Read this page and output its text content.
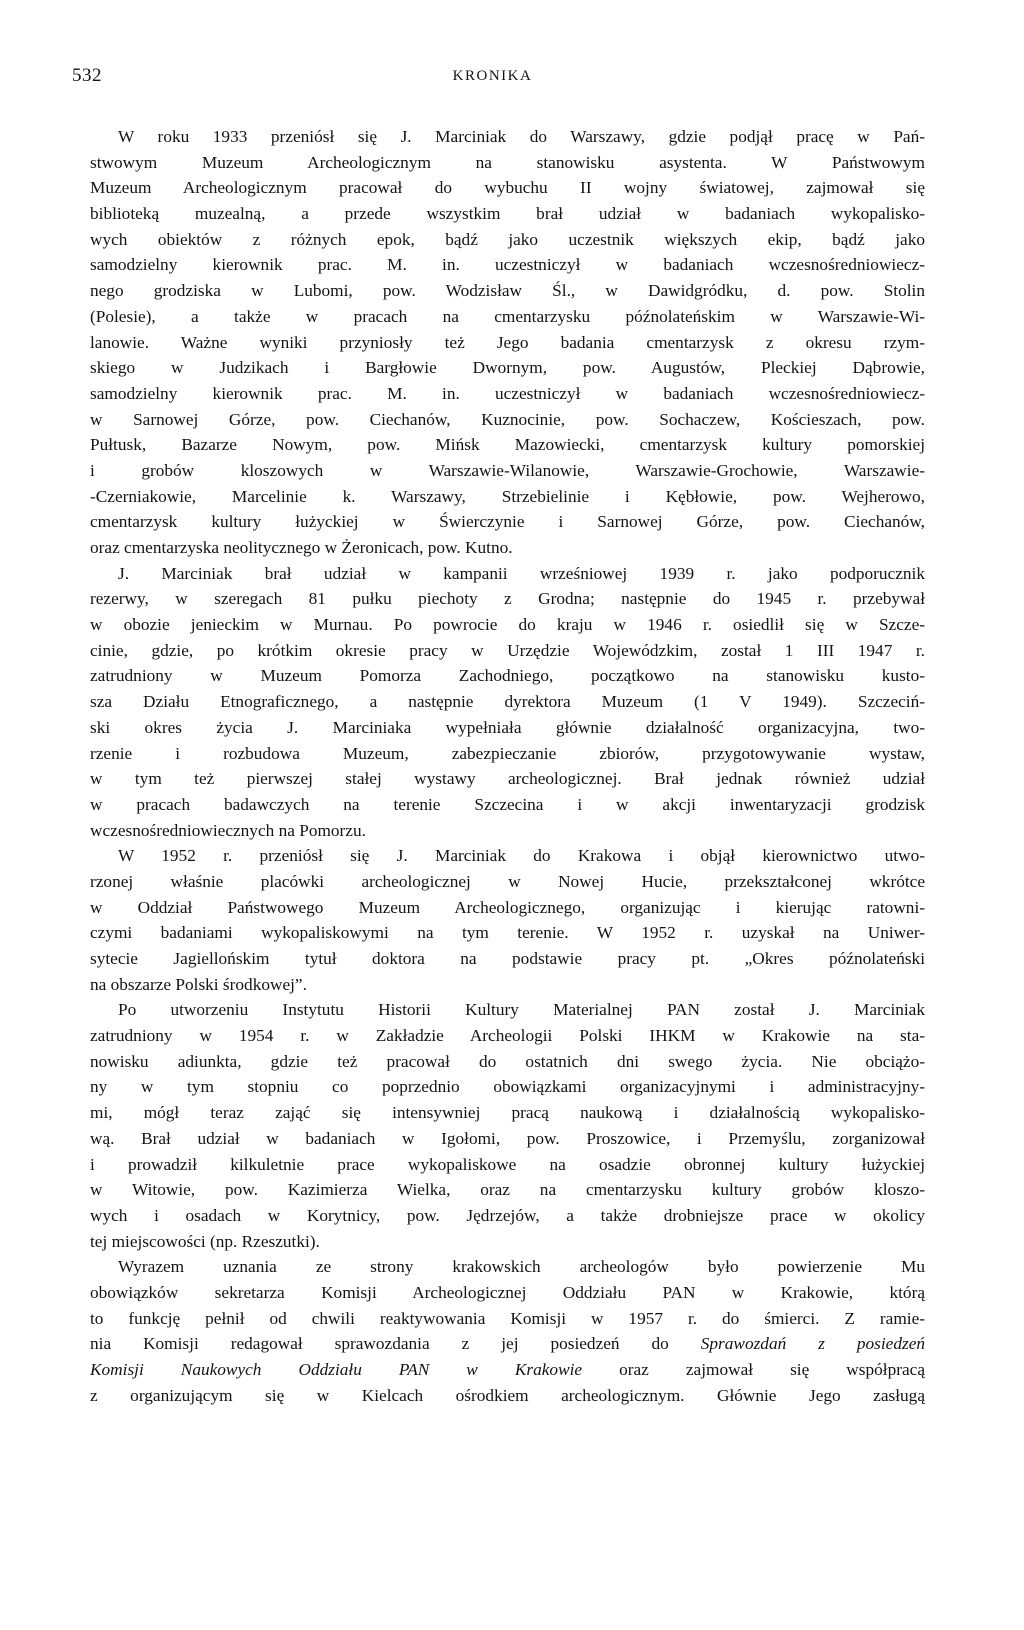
532	KRONIKA
W roku 1933 przeniósł się J. Marciniak do Warszawy, gdzie podjął pracę w Pań-
stwowym Muzeum Archeologicznym na stanowisku asystenta. W Państwowym
Muzeum Archeologicznym pracował do wybuchu II wojny światowej, zajmował się
biblioteką muzealną, a przede wszystkim brał udział w badaniach wykopalisko-
wych obiektów z różnych epok, bądź jako uczestnik większych ekip, bądź jako
samodzielny kierownik prac. M. in. uczestniczył w badaniach wczesnośredniowiecz-
nego grodziska w Lubomi, pow. Wodzisław Śl., w Dawidgródku, d. pow. Stolin
(Polesie), a także w pracach na cmentarzysku późnolateńskim w Warszawie-Wi-
lanowie. Ważne wyniki przyniosły też Jego badania cmentarzysk z okresu rzym-
skiego w Judzikach i Bargłowie Dwornym, pow. Augustów, Pleckiej Dąbrowie,
samodzielny kierownik prac. M. in. uczestniczył w badaniach wczesnośredniowiecz-
w Sarnowej Górze, pow. Ciechanów, Kuznocinie, pow. Sochaczew, Kościeszach, pow.
Pułtusk, Bazarze Nowym, pow. Mińsk Mazowiecki, cmentarzysk kultury pomorskiej
i grobów kloszowych w Warszawie-Wilanowie, Warszawie-Grochowie, Warszawie-
-Czerniakowie, Marcelinie k. Warszawy, Strzebielinie i Kębłowie, pow. Wejherowo,
cmentarzysk kultury łużyckiej w Świerczynie i Sarnowej Górze, pow. Ciechanów,
oraz cmentarzyska neolitycznego w Żeronicach, pow. Kutno.
J. Marciniak brał udział w kampanii wrześniowej 1939 r. jako podporucznik
rezerwy, w szeregach 81 pułku piechoty z Grodna; następnie do 1945 r. przebywał
w obozie jenieckim w Murnau. Po powrocie do kraju w 1946 r. osiedlił się w Szcze-
cinie, gdzie, po krótkim okresie pracy w Urzędzie Wojewódzkim, został 1 III 1947 r.
zatrudniony w Muzeum Pomorza Zachodniego, początkowo na stanowisku kusto-
sza Działu Etnograficznego, a następnie dyrektora Muzeum (1 V 1949). Szczeciń-
ski okres życia J. Marciniaka wypełniała głównie działalność organizacyjna, two-
rzenie i rozbudowa Muzeum, zabezpieczanie zbiorów, przygotowywanie wystaw,
w tym też pierwszej stałej wystawy archeologicznej. Brał jednak również udział
w pracach badawczych na terenie Szczecina i w akcji inwentaryzacji grodzisk
wczesnośredniowiecznych na Pomorzu.
W 1952 r. przeniósł się J. Marciniak do Krakowa i objął kierownictwo utwo-
rzonej właśnie placówki archeologicznej w Nowej Hucie, przekształconej wkrótce
w Oddział Państwowego Muzeum Archeologicznego, organizując i kierując ratowni-
czymi badaniami wykopaliskowymi na tym terenie. W 1952 r. uzyskał na Uniwer-
sytecie Jagiellońskim tytuł doktora na podstawie pracy pt. „Okres późnolateński
na obszarze Polski środkowej”.
Po utworzeniu Instytutu Historii Kultury Materialnej PAN został J. Marciniak
zatrudniony w 1954 r. w Zakładzie Archeologii Polski IHKM w Krakowie na sta-
nowisku adiunkta, gdzie też pracował do ostatnich dni swego życia. Nie obciążo-
ny w tym stopniu co poprzednio obowiązkami organizacyjnymi i administracyjny-
mi, mógł teraz zająć się intensywniej pracą naukową i działalnością wykopalisko-
wą. Brał udział w badaniach w Igołomi, pow. Proszowice, i Przemyślu, zorganizował
i prowadził kilkuletnie prace wykopaliskowe na osadzie obronnej kultury łużyckiej
w Witowie, pow. Kazimierza Wielka, oraz na cmentarzysku kultury grobów kloszo-
wych i osadach w Korytnicy, pow. Jędrzejów, a także drobniejsze prace w okolicy
tej miejscowości (np. Rzeszutki).
Wyrazem uznania ze strony krakowskich archeologów było powierzenie Mu
obowiązków sekretarza Komisji Archeologicznej Oddziału PAN w Krakowie, którą
to funkcję pełnił od chwili reaktywowania Komisji w 1957 r. do śmierci. Z ramie-
nia Komisji redagował sprawozdania z jej posiedzeń do Sprawozdań z posiedzeń
Komisji Naukowych Oddziału PAN w Krakowie oraz zajmował się współpracą
z organizującym się w Kielcach ośrodkiem archeologicznym. Głównie Jego zasługą
